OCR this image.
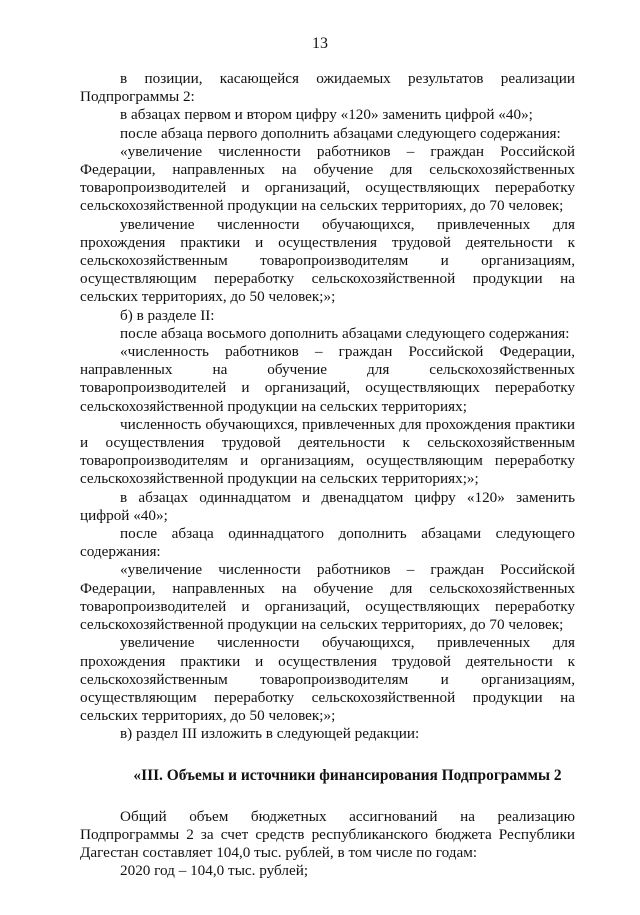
13

в позиции, касающейся ожидаемых результатов реализации Подпрограммы 2:

в абзацах первом и втором цифру «120» заменить цифрой «40»;

после абзаца первого дополнить абзацами следующего содержания:

«увеличение численности работников – граждан Российской Федерации, направленных на обучение для сельскохозяйственных товаропроизводителей и организаций, осуществляющих переработку сельскохозяйственной продукции на сельских территориях, до 70 человек;

увеличение численности обучающихся, привлеченных для прохождения практики и осуществления трудовой деятельности к сельскохозяйственным товаропроизводителям и организациям, осуществляющим переработку сельскохозяйственной продукции на сельских территориях, до 50 человек;»;

б) в разделе II:

после абзаца восьмого дополнить абзацами следующего содержания:

«численность работников – граждан Российской Федерации, направленных на обучение для сельскохозяйственных товаропроизводителей и организаций, осуществляющих переработку сельскохозяйственной продукции на сельских территориях;

численность обучающихся, привлеченных для прохождения практики и осуществления трудовой деятельности к сельскохозяйственным товаропроизводителям и организациям, осуществляющим переработку сельскохозяйственной продукции на сельских территориях;»;

в абзацах одиннадцатом и двенадцатом цифру «120» заменить цифрой «40»;

после абзаца одиннадцатого дополнить абзацами следующего содержания:

«увеличение численности работников – граждан Российской Федерации, направленных на обучение для сельскохозяйственных товаропроизводителей и организаций, осуществляющих переработку сельскохозяйственной продукции на сельских территориях, до 70 человек;

увеличение численности обучающихся, привлеченных для прохождения практики и осуществления трудовой деятельности к сельскохозяйственным товаропроизводителям и организациям, осуществляющим переработку сельскохозяйственной продукции на сельских территориях, до 50 человек;»;

в) раздел III изложить в следующей редакции:

«III. Объемы и источники финансирования Подпрограммы 2

Общий объем бюджетных ассигнований на реализацию Подпрограммы 2 за счет средств республиканского бюджета Республики Дагестан составляет 104,0 тыс. рублей, в том числе по годам:

2020 год – 104,0 тыс. рублей;
